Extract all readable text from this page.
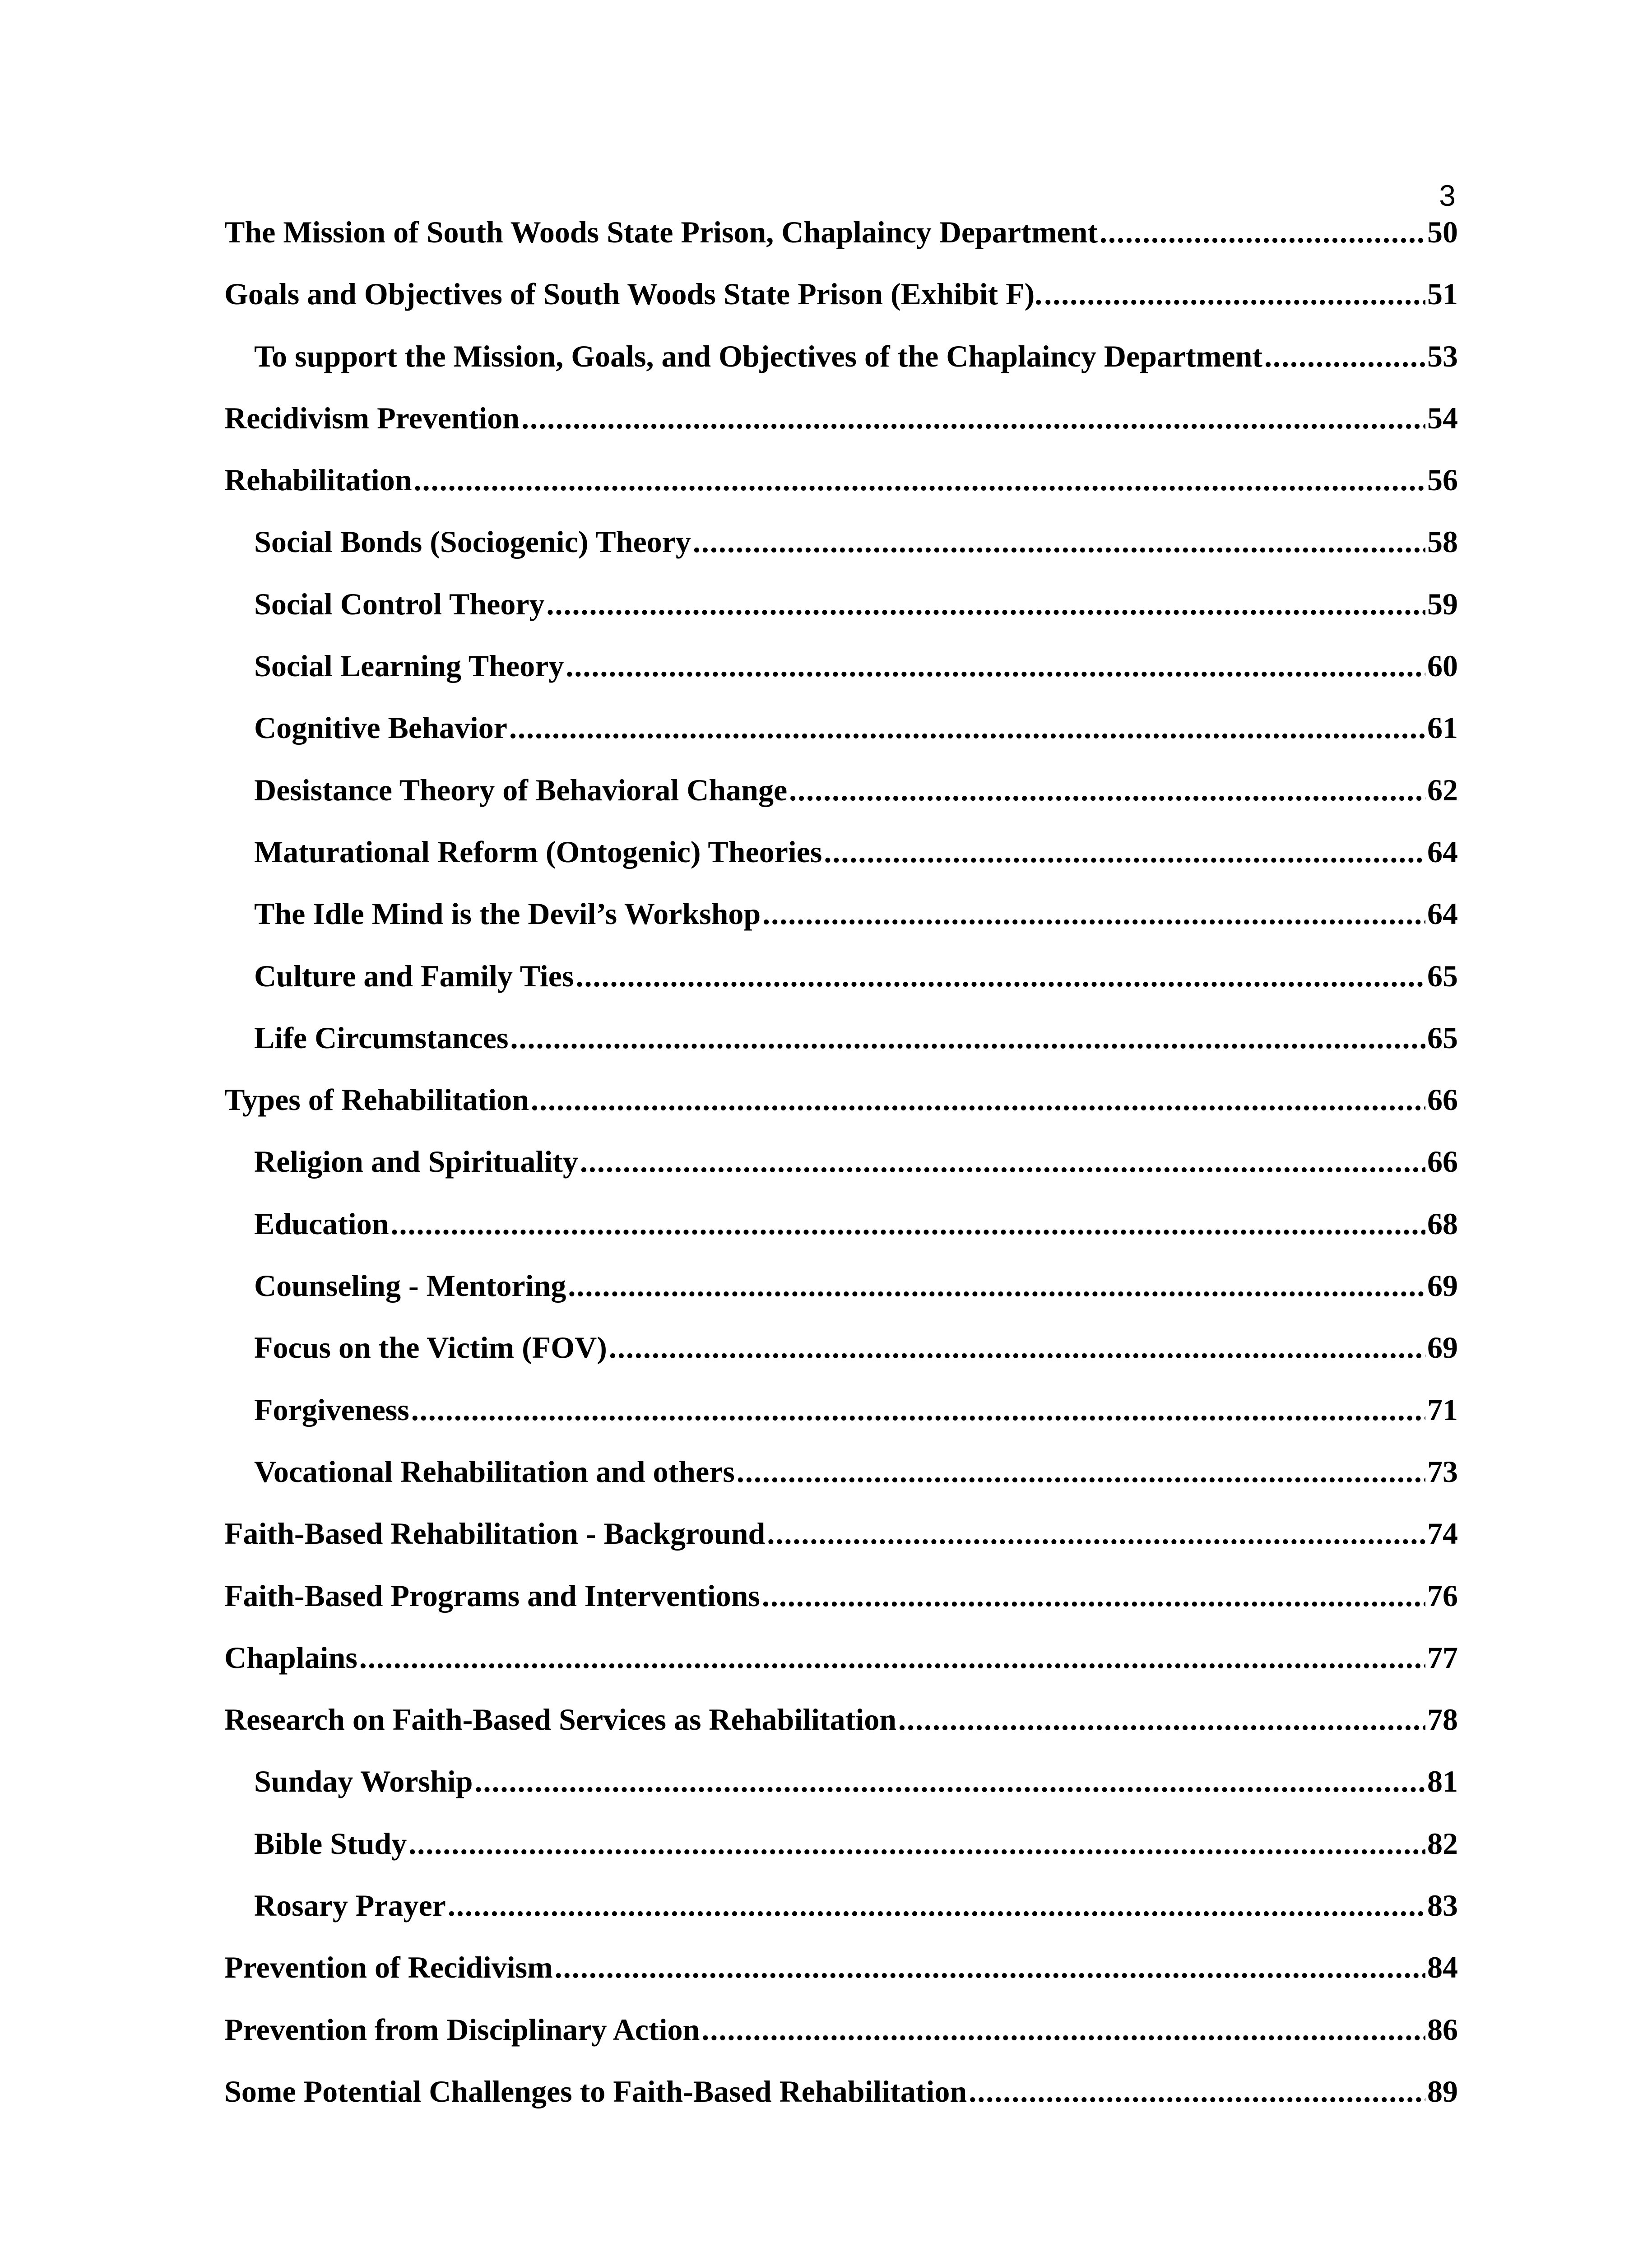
3
The Mission of South Woods State Prison, Chaplaincy Department .....	50
Goals and Objectives of South Woods State Prison (Exhibit F). .....	51
To support the Mission, Goals, and Objectives of the Chaplaincy Department .....	53
Recidivism Prevention .....	54
Rehabilitation .....	56
Social Bonds (Sociogenic) Theory .....	58
Social Control Theory .....	59
Social Learning Theory .....	60
Cognitive Behavior .....	61
Desistance Theory of Behavioral Change .....	62
Maturational Reform (Ontogenic) Theories .....	64
The Idle Mind is the Devil’s Workshop .....	64
Culture and Family Ties .....	65
Life Circumstances .....	65
Types of Rehabilitation .....	66
Religion and Spirituality .....	66
Education .....	68
Counseling - Mentoring .....	69
Focus on the Victim (FOV) .....	69
Forgiveness .....	71
Vocational Rehabilitation and others .....	73
Faith-Based Rehabilitation - Background .....	74
Faith-Based Programs and Interventions .....	76
Chaplains .....	77
Research on Faith-Based Services as Rehabilitation .....	78
Sunday Worship .....	81
Bible Study .....	82
Rosary Prayer .....	83
Prevention of Recidivism .....	84
Prevention from Disciplinary Action .....	86
Some Potential Challenges to Faith-Based Rehabilitation .....	89
